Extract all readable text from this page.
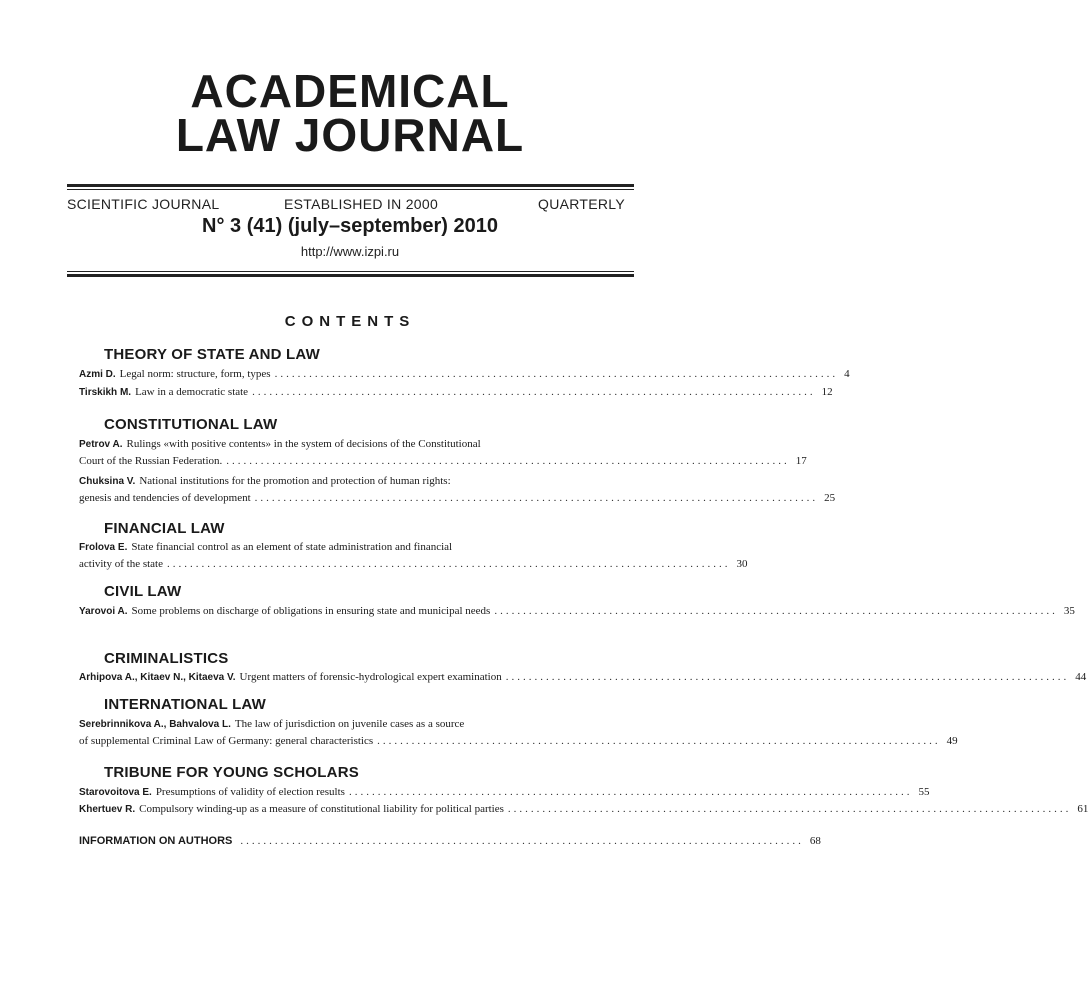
ACADEMICAL
LAW JOURNAL
SCIENTIFIC JOURNAL	ESTABLISHED IN 2000	QUARTERLY
N° 3 (41) (july–september) 2010
http://www.izpi.ru
CONTENTS
THEORY OF STATE AND LAW
Azmi D. Legal norm: structure, form, types .................................................................................................. 4
Tirskikh M. Law in a democratic state .................................................................................................. 12
CONSTITUTIONAL LAW
Petrov A. Rulings «with positive contents» in the system of decisions of the Constitutional
Court of the Russian Federation. .................................................................................................. 17
Chuksina V. National institutions for the promotion and protection of human rights:
genesis and tendencies of development .................................................................................................. 25
FINANCIAL LAW
Frolova E. State financial control as an element of state administration and financial
activity of the state .................................................................................................. 30
CIVIL LAW
Yarovoi A. Some problems on discharge of obligations in ensuring state and municipal needs .................................................................................................. 35
CRIMINALISTICS
Arhipova A., Kitaev N., Kitaeva V. Urgent matters of forensic-hydrological expert examination .................................................................................................. 44
INTERNATIONAL LAW
Serebrinnikova A., Bahvalova L. The law of jurisdiction on juvenile cases as a source
of supplemental Criminal Law of Germany: general characteristics .................................................................................................. 49
TRIBUNE FOR YOUNG SCHOLARS
Starovoitova E. Presumptions of validity of election results .................................................................................................. 55
Khertuev R. Compulsory winding-up as a measure of constitutional liability for political parties .................................................................................................. 61
INFORMATION ON AUTHORS .................................................................................................. 68
